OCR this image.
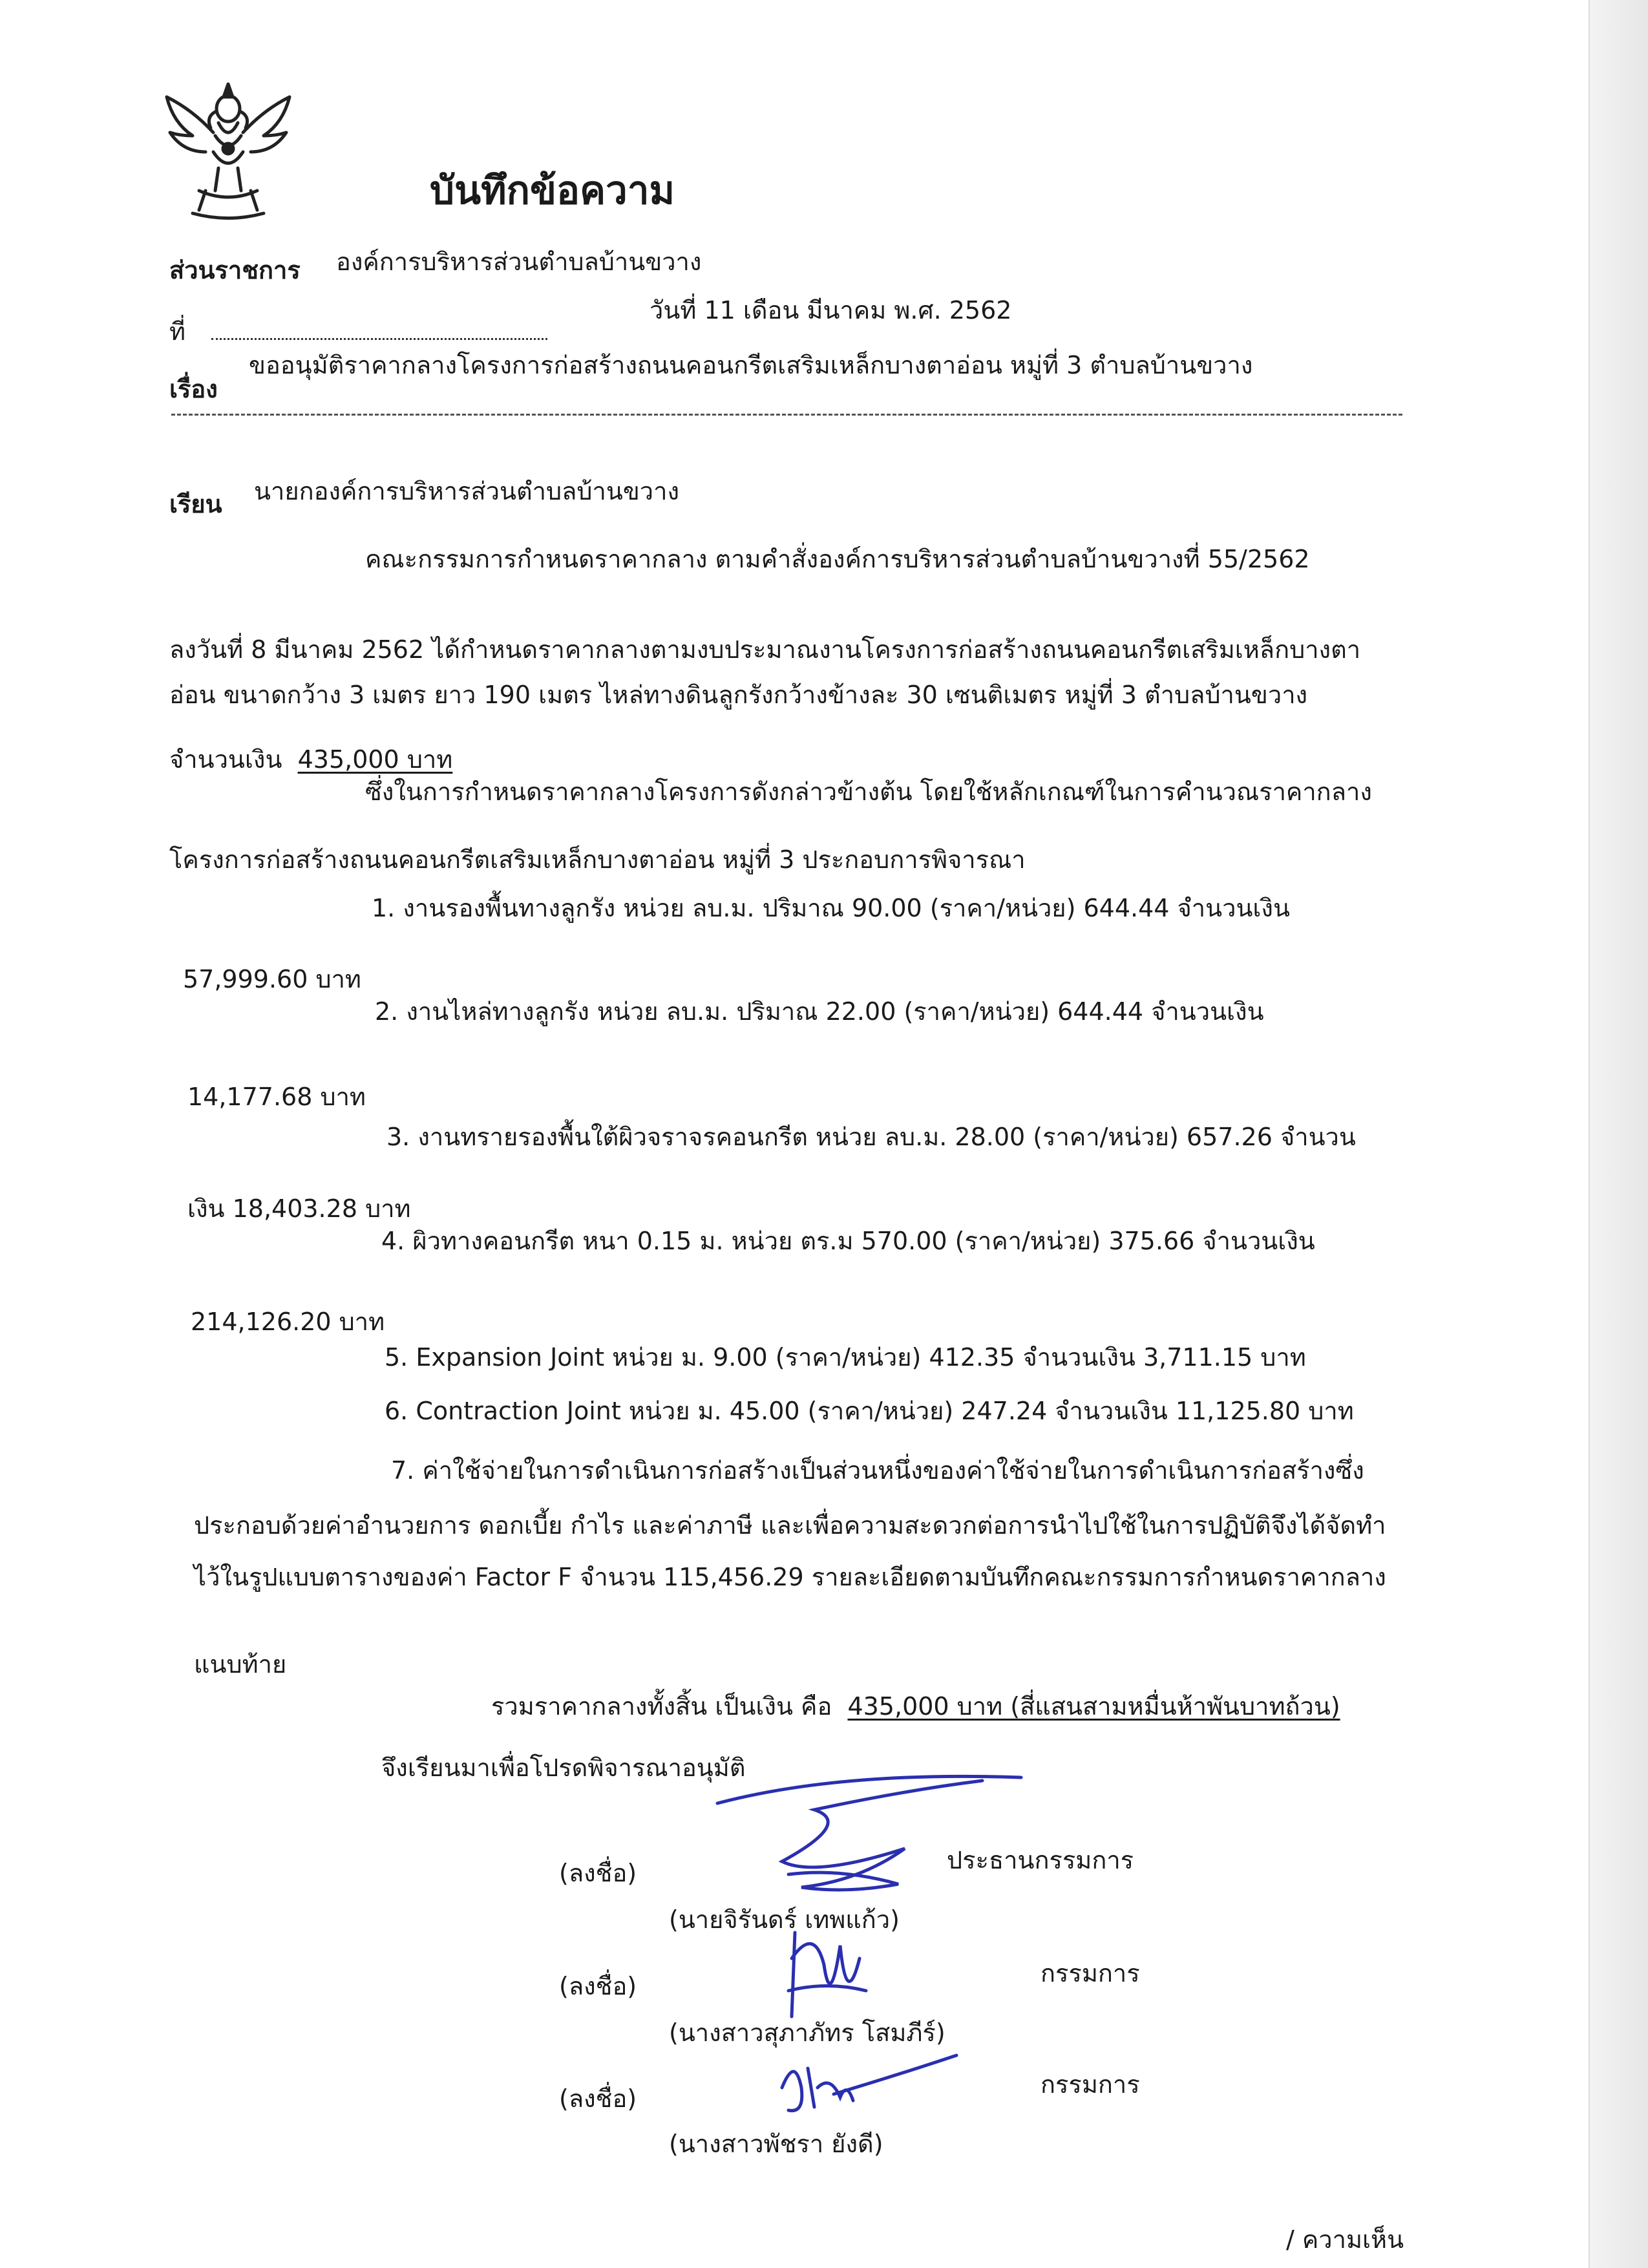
บันทึกข้อความ
ส่วนราชการ องค์การบริหารส่วนตำบลบ้านขวาง
ที่
วันที่ 11 เดือน มีนาคม พ.ศ. 2562
เรื่อง
ขออนุมัติราคากลางโครงการก่อสร้างถนนคอนกรีตเสริมเหล็กบางตาอ่อน หมู่ที่ 3 ตำบลบ้านขวาง
เรียน นายกองค์การบริหารส่วนตำบลบ้านขวาง
คณะกรรมการกำหนดราคากลาง ตามคำสั่งองค์การบริหารส่วนตำบลบ้านขวางที่ 55/2562
ลงวันที่ 8 มีนาคม 2562 ได้กำหนดราคากลางตามงบประมาณงานโครงการก่อสร้างถนนคอนกรีตเสริมเหล็กบางตา
อ่อน ขนาดกว้าง 3 เมตร ยาว 190 เมตร ไหล่ทางดินลูกรังกว้างข้างละ 30 เซนติเมตร หมู่ที่ 3 ตำบลบ้านขวาง
จำนวนเงิน 435,000 บาท
ซึ่งในการกำหนดราคากลางโครงการดังกล่าวข้างต้น โดยใช้หลักเกณฑ์ในการคำนวณราคากลาง
โครงการก่อสร้างถนนคอนกรีตเสริมเหล็กบางตาอ่อน หมู่ที่ 3 ประกอบการพิจารณา
1. งานรองพื้นทางลูกรัง หน่วย ลบ.ม. ปริมาณ 90.00 (ราคา/หน่วย) 644.44 จำนวนเงิน
57,999.60 บาท
2. งานไหล่ทางลูกรัง หน่วย ลบ.ม. ปริมาณ 22.00 (ราคา/หน่วย) 644.44 จำนวนเงิน
14,177.68 บาท
3. งานทรายรองพื้นใต้ผิวจราจรคอนกรีต หน่วย ลบ.ม. 28.00 (ราคา/หน่วย) 657.26 จำนวน
เงิน 18,403.28 บาท
4. ผิวทางคอนกรีต หนา 0.15 ม. หน่วย ตร.ม 570.00 (ราคา/หน่วย) 375.66 จำนวนเงิน
214,126.20 บาท
5. Expansion Joint หน่วย ม. 9.00 (ราคา/หน่วย) 412.35 จำนวนเงิน 3,711.15 บาท
6. Contraction Joint หน่วย ม. 45.00 (ราคา/หน่วย) 247.24 จำนวนเงิน 11,125.80 บาท
7. ค่าใช้จ่ายในการดำเนินการก่อสร้างเป็นส่วนหนึ่งของค่าใช้จ่ายในการดำเนินการก่อสร้างซึ่ง
ประกอบด้วยค่าอำนวยการ ดอกเบี้ย กำไร และค่าภาษี และเพื่อความสะดวกต่อการนำไปใช้ในการปฏิบัติจึงได้จัดทำ
ไว้ในรูปแบบตารางของค่า Factor F จำนวน 115,456.29 รายละเอียดตามบันทึกคณะกรรมการกำหนดราคากลาง
แนบท้าย
รวมราคากลางทั้งสิ้น เป็นเงิน คือ 435,000 บาท (สี่แสนสามหมื่นห้าพันบาทถ้วน)
จึงเรียนมาเพื่อโปรดพิจารณาอนุมัติ
(ลงชื่อ)	ประธานกรรมการ
(นายจิรันดร์ เทพแก้ว)
(ลงชื่อ)	กรรมการ
(นางสาวสุภาภัทร โสมภีร์)
(ลงชื่อ)	กรรมการ
(นางสาวพัชรา ยังดี)
/ ความเห็น
